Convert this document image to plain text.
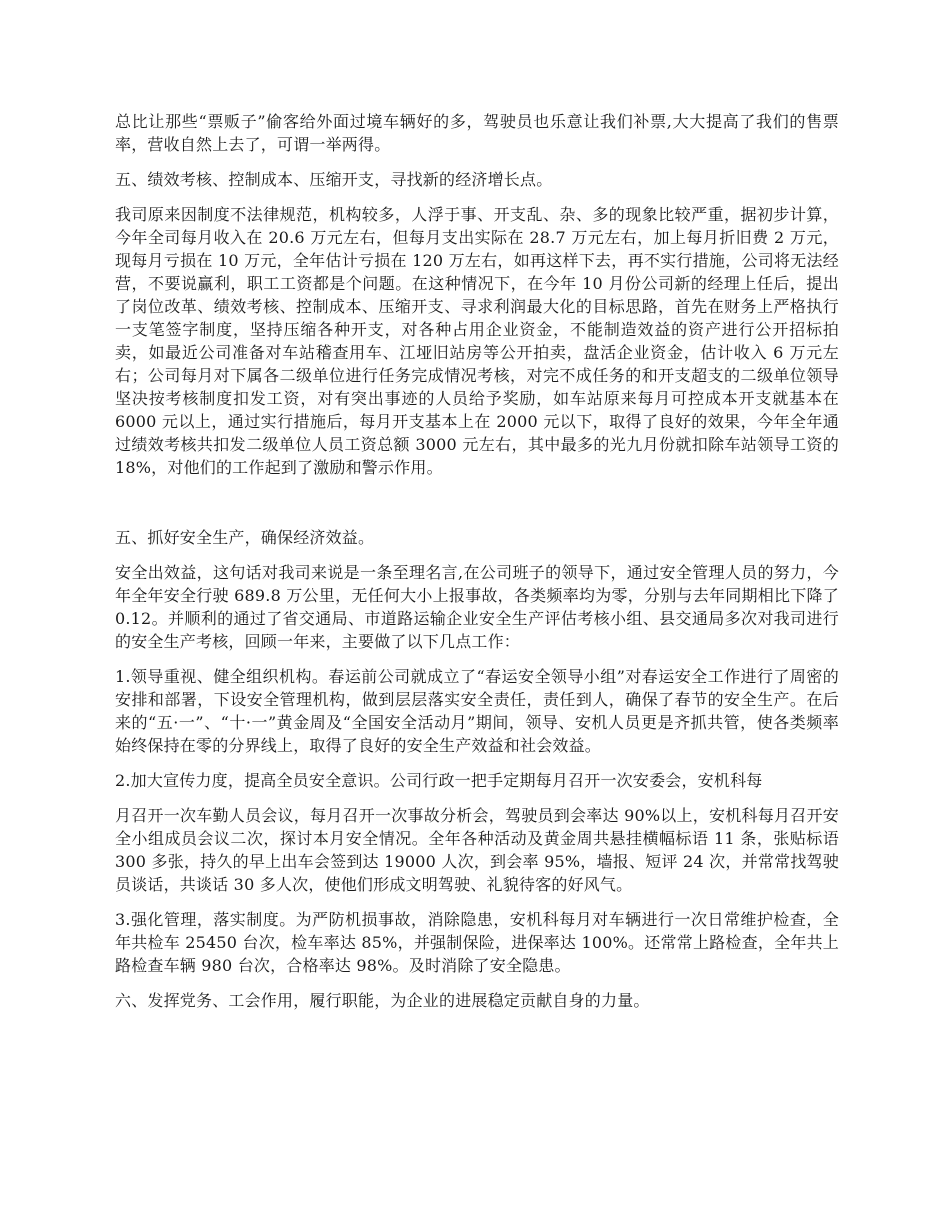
总比让那些“票贩子”偷客给外面过境车辆好的多，驾驶员也乐意让我们补票,大大提高了我们的售票率，营收自然上去了，可谓一举两得。

五、绩效考核、控制成本、压缩开支，寻找新的经济增长点。

我司原来因制度不法律规范，机构较多，人浮于事、开支乱、杂、多的现象比较严重，据初步计算，今年全司每月收入在 20.6 万元左右，但每月支出实际在 28.7 万元左右，加上每月折旧费 2 万元，现每月亏损在 10 万元，全年估计亏损在 120 万左右，如再这样下去，再不实行措施，公司将无法经营，不要说赢利，职工工资都是个问题。在这种情况下，在今年 10 月份公司新的经理上任后，提出了岗位改革、绩效考核、控制成本、压缩开支、寻求利润最大化的目标思路，首先在财务上严格执行一支笔签字制度，坚持压缩各种开支，对各种占用企业资金，不能制造效益的资产进行公开招标拍卖，如最近公司准备对车站稽查用车、江垭旧站房等公开拍卖，盘活企业资金，估计收入 6 万元左右；公司每月对下属各二级单位进行任务完成情况考核，对完不成任务的和开支超支的二级单位领导坚决按考核制度扣发工资，对有突出事迹的人员给予奖励，如车站原来每月可控成本开支就基本在 6000 元以上，通过实行措施后，每月开支基本上在 2000 元以下，取得了良好的效果，今年全年通过绩效考核共扣发二级单位人员工资总额 3000 元左右，其中最多的光九月份就扣除车站领导工资的 18%，对他们的工作起到了激励和警示作用。

五、抓好安全生产，确保经济效益。

安全出效益，这句话对我司来说是一条至理名言,在公司班子的领导下，通过安全管理人员的努力，今年全年安全行驶 689.8 万公里，无任何大小上报事故，各类频率均为零，分别与去年同期相比下降了 0.12。并顺利的通过了省交通局、市道路运输企业安全生产评估考核小组、县交通局多次对我司进行的安全生产考核，回顾一年来，主要做了以下几点工作：

1.领导重视、健全组织机构。春运前公司就成立了“春运安全领导小组”对春运安全工作进行了周密的安排和部署，下设安全管理机构，做到层层落实安全责任，责任到人，确保了春节的安全生产。在后来的“五·一”、“十·一”黄金周及“全国安全活动月”期间，领导、安机人员更是齐抓共管，使各类频率始终保持在零的分界线上，取得了良好的安全生产效益和社会效益。

2.加大宣传力度，提高全员安全意识。公司行政一把手定期每月召开一次安委会，安机科每

月召开一次车勤人员会议，每月召开一次事故分析会，驾驶员到会率达 90%以上，安机科每月召开安全小组成员会议二次，探讨本月安全情况。全年各种活动及黄金周共悬挂横幅标语 11 条，张贴标语 300 多张，持久的早上出车会签到达 19000 人次，到会率 95%，墙报、短评 24 次，并常常找驾驶员谈话，共谈话 30 多人次，使他们形成文明驾驶、礼貌待客的好风气。

3.强化管理，落实制度。为严防机损事故，消除隐患，安机科每月对车辆进行一次日常维护检查，全年共检车 25450 台次，检车率达 85%，并强制保险，进保率达 100%。还常常上路检查，全年共上路检查车辆 980 台次，合格率达 98%。及时消除了安全隐患。

六、发挥党务、工会作用，履行职能，为企业的进展稳定贡献自身的力量。
